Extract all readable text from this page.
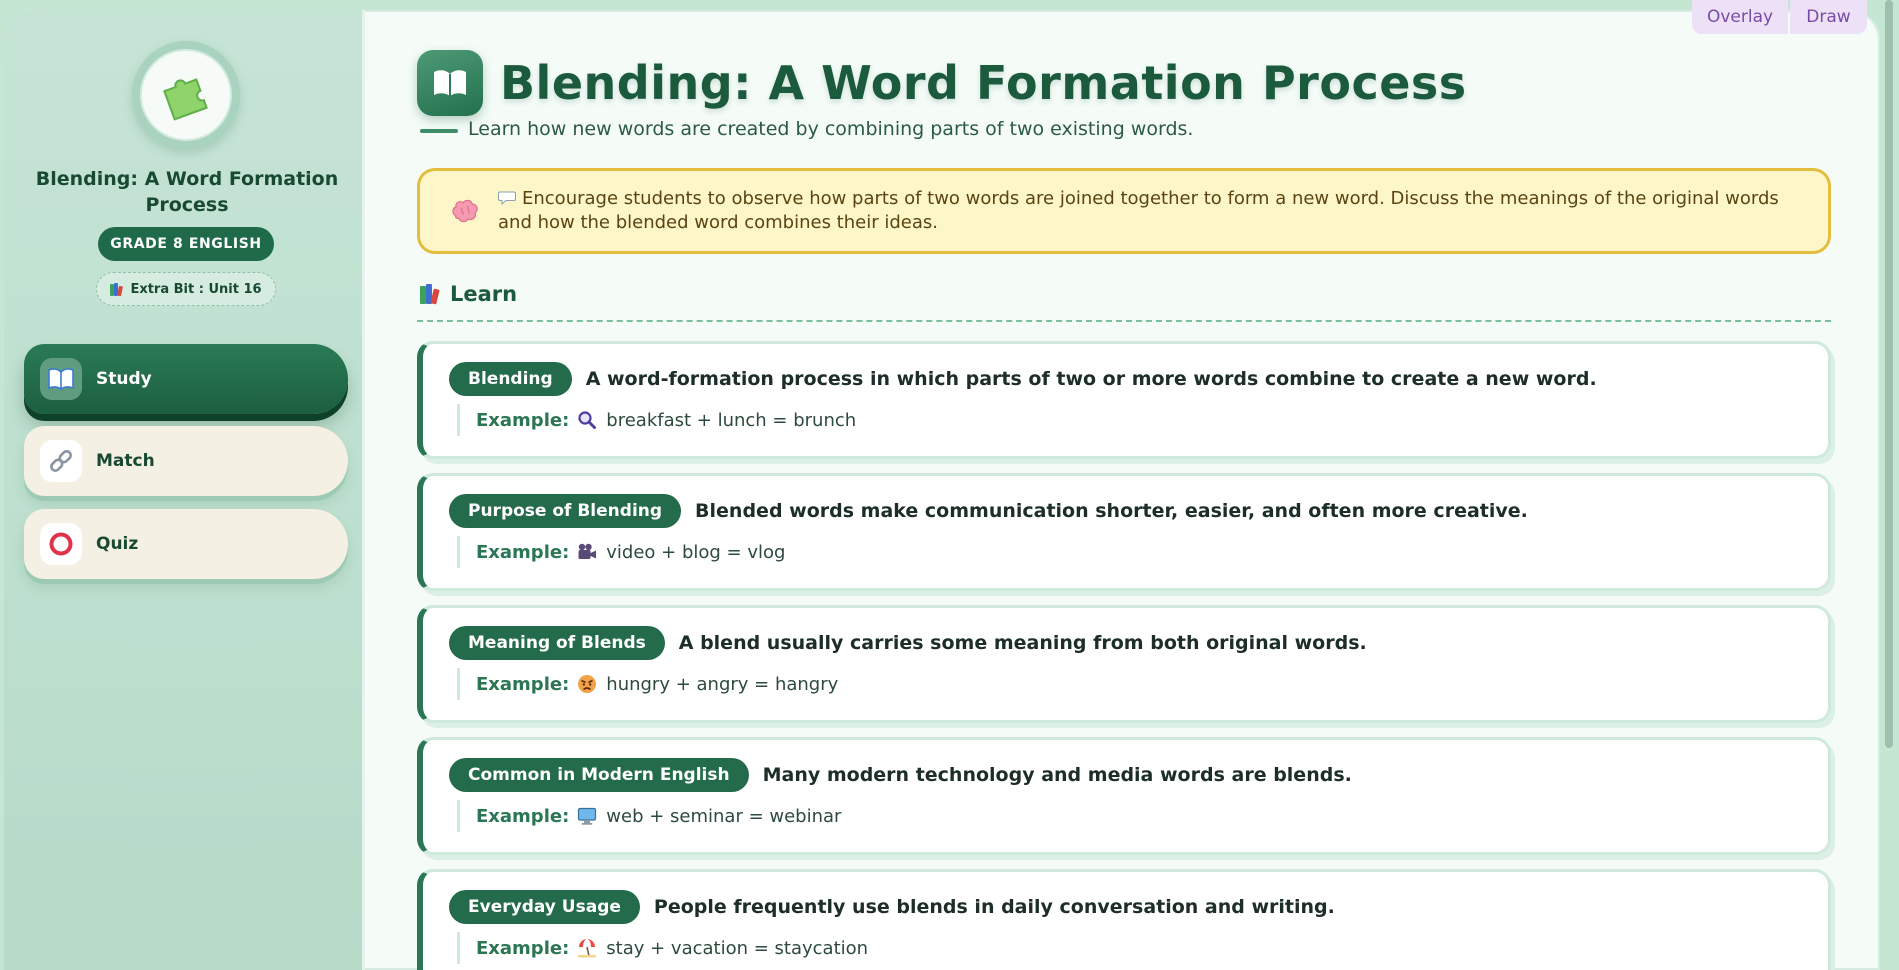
Blending: A Word Formation Process
GRADE 8 ENGLISH
Extra Bit : Unit 16
Study
Match
Quiz
Blending: A Word Formation Process
Learn how new words are created by combining parts of two existing words.
Encourage students to observe how parts of two words are joined together to form a new word. Discuss the meanings of the original words and how the blended word combines their ideas.
Learn
Blending	A word-formation process in which parts of two or more words combine to create a new word.
Example: breakfast + lunch = brunch
Purpose of Blending	Blended words make communication shorter, easier, and often more creative.
Example: video + blog = vlog
Meaning of Blends	A blend usually carries some meaning from both original words.
Example: hungry + angry = hangry
Common in Modern English	Many modern technology and media words are blends.
Example: web + seminar = webinar
Everyday Usage	People frequently use blends in daily conversation and writing.
Example: stay + vacation = staycation
Overlay	Draw
